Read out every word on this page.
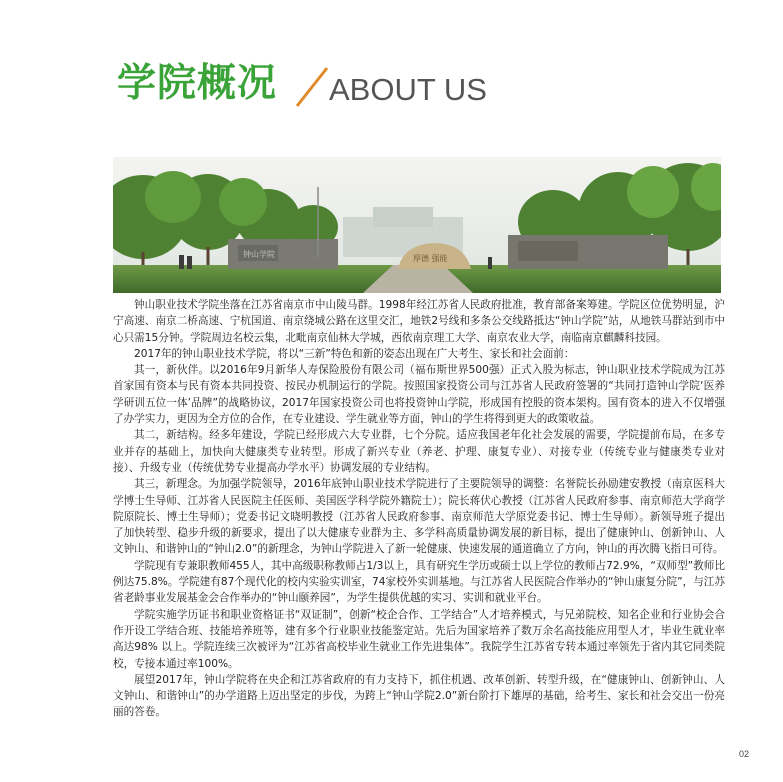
学院概况 ABOUT US
钟山学院	厚德 强能

钟山职业技术学院坐落在江苏省南京市中山陵马群。1998年经江苏省人民政府批准，教育部备案筹建。学院区位优势明显，沪宁高速、南京二桥高速、宁杭国道、南京绕城公路在这里交汇，地铁2号线和多条公交线路抵达“钟山学院”站，从地铁马群站到市中心只需15分钟。学院周边名校云集，北毗南京仙林大学城，西依南京理工大学、南京农业大学，南临南京麒麟科技园。

2017年的钟山职业技术学院，将以“三新”特色和新的姿态出现在广大考生、家长和社会面前：

其一，新伙伴。以2016年9月新华人寿保险股份有限公司（福布斯世界500强）正式入股为标志，钟山职业技术学院成为江苏首家国有资本与民有资本共同投资、按民办机制运行的学院。按照国家投资公司与江苏省人民政府签署的“共同打造钟山学院‘医养学研训五位一体’品牌”的战略协议，2017年国家投资公司也将投资钟山学院，形成国有控股的资本架构。国有资本的进入不仅增强了办学实力，更因为全方位的合作，在专业建设、学生就业等方面，钟山的学生将得到更大的政策收益。

其二，新结构。经多年建设，学院已经形成六大专业群，七个分院。适应我国老年化社会发展的需要，学院提前布局，在多专业并存的基础上，加快向大健康类专业转型。形成了新兴专业（养老、护理、康复专业）、对接专业（传统专业与健康类专业对接）、升级专业（传统优势专业提高办学水平）协调发展的专业结构。

其三，新理念。为加强学院领导，2016年底钟山职业技术学院进行了主要院领导的调整：名誉院长孙励建安教授（南京医科大学博士生导师、江苏省人民医院主任医师、美国医学科学院外籍院士）；院长蒋伏心教授（江苏省人民政府参事、南京师范大学商学院原院长、博士生导师）；党委书记文晓明教授（江苏省人民政府参事、南京师范大学原党委书记、博士生导师）。新领导班子提出了加快转型、稳步升级的新要求，提出了以大健康专业群为主、多学科高质量协调发展的新目标，提出了健康钟山、创新钟山、人文钟山、和谐钟山的“钟山2.0”的新理念，为钟山学院进入了新一轮健康、快速发展的通道确立了方向，钟山的再次腾飞指日可待。

学院现有专兼职教师455人，其中高级职称教师占1/3以上，具有研究生学历或硕士以上学位的教师占72.9%，“双师型”教师比例达75.8%。学院建有87个现代化的校内实验实训室，74家校外实训基地。与江苏省人民医院合作举办的“钟山康复分院”，与江苏省老龄事业发展基金会合作举办的“钟山颐养园”，为学生提供优越的实习、实训和就业平台。

学院实施学历证书和职业资格证书“双证制”，创新“校企合作、工学结合”人才培养模式，与兄弟院校、知名企业和行业协会合作开设工学结合班、技能培养班等，建有多个行业职业技能鉴定站。先后为国家培养了数万余名高技能应用型人才，毕业生就业率高达98% 以上。学院连续三次被评为“江苏省高校毕业生就业工作先进集体”。我院学生江苏省专转本通过率领先于省内其它同类院校，专接本通过率100%。

展望2017年，钟山学院将在央企和江苏省政府的有力支持下，抓住机遇、改革创新、转型升级，在“健康钟山、创新钟山、人文钟山、和谐钟山”的办学道路上迈出坚定的步伐，为跨上“钟山学院2.0”新台阶打下雄厚的基础，给考生、家长和社会交出一份亮丽的答卷。

02
